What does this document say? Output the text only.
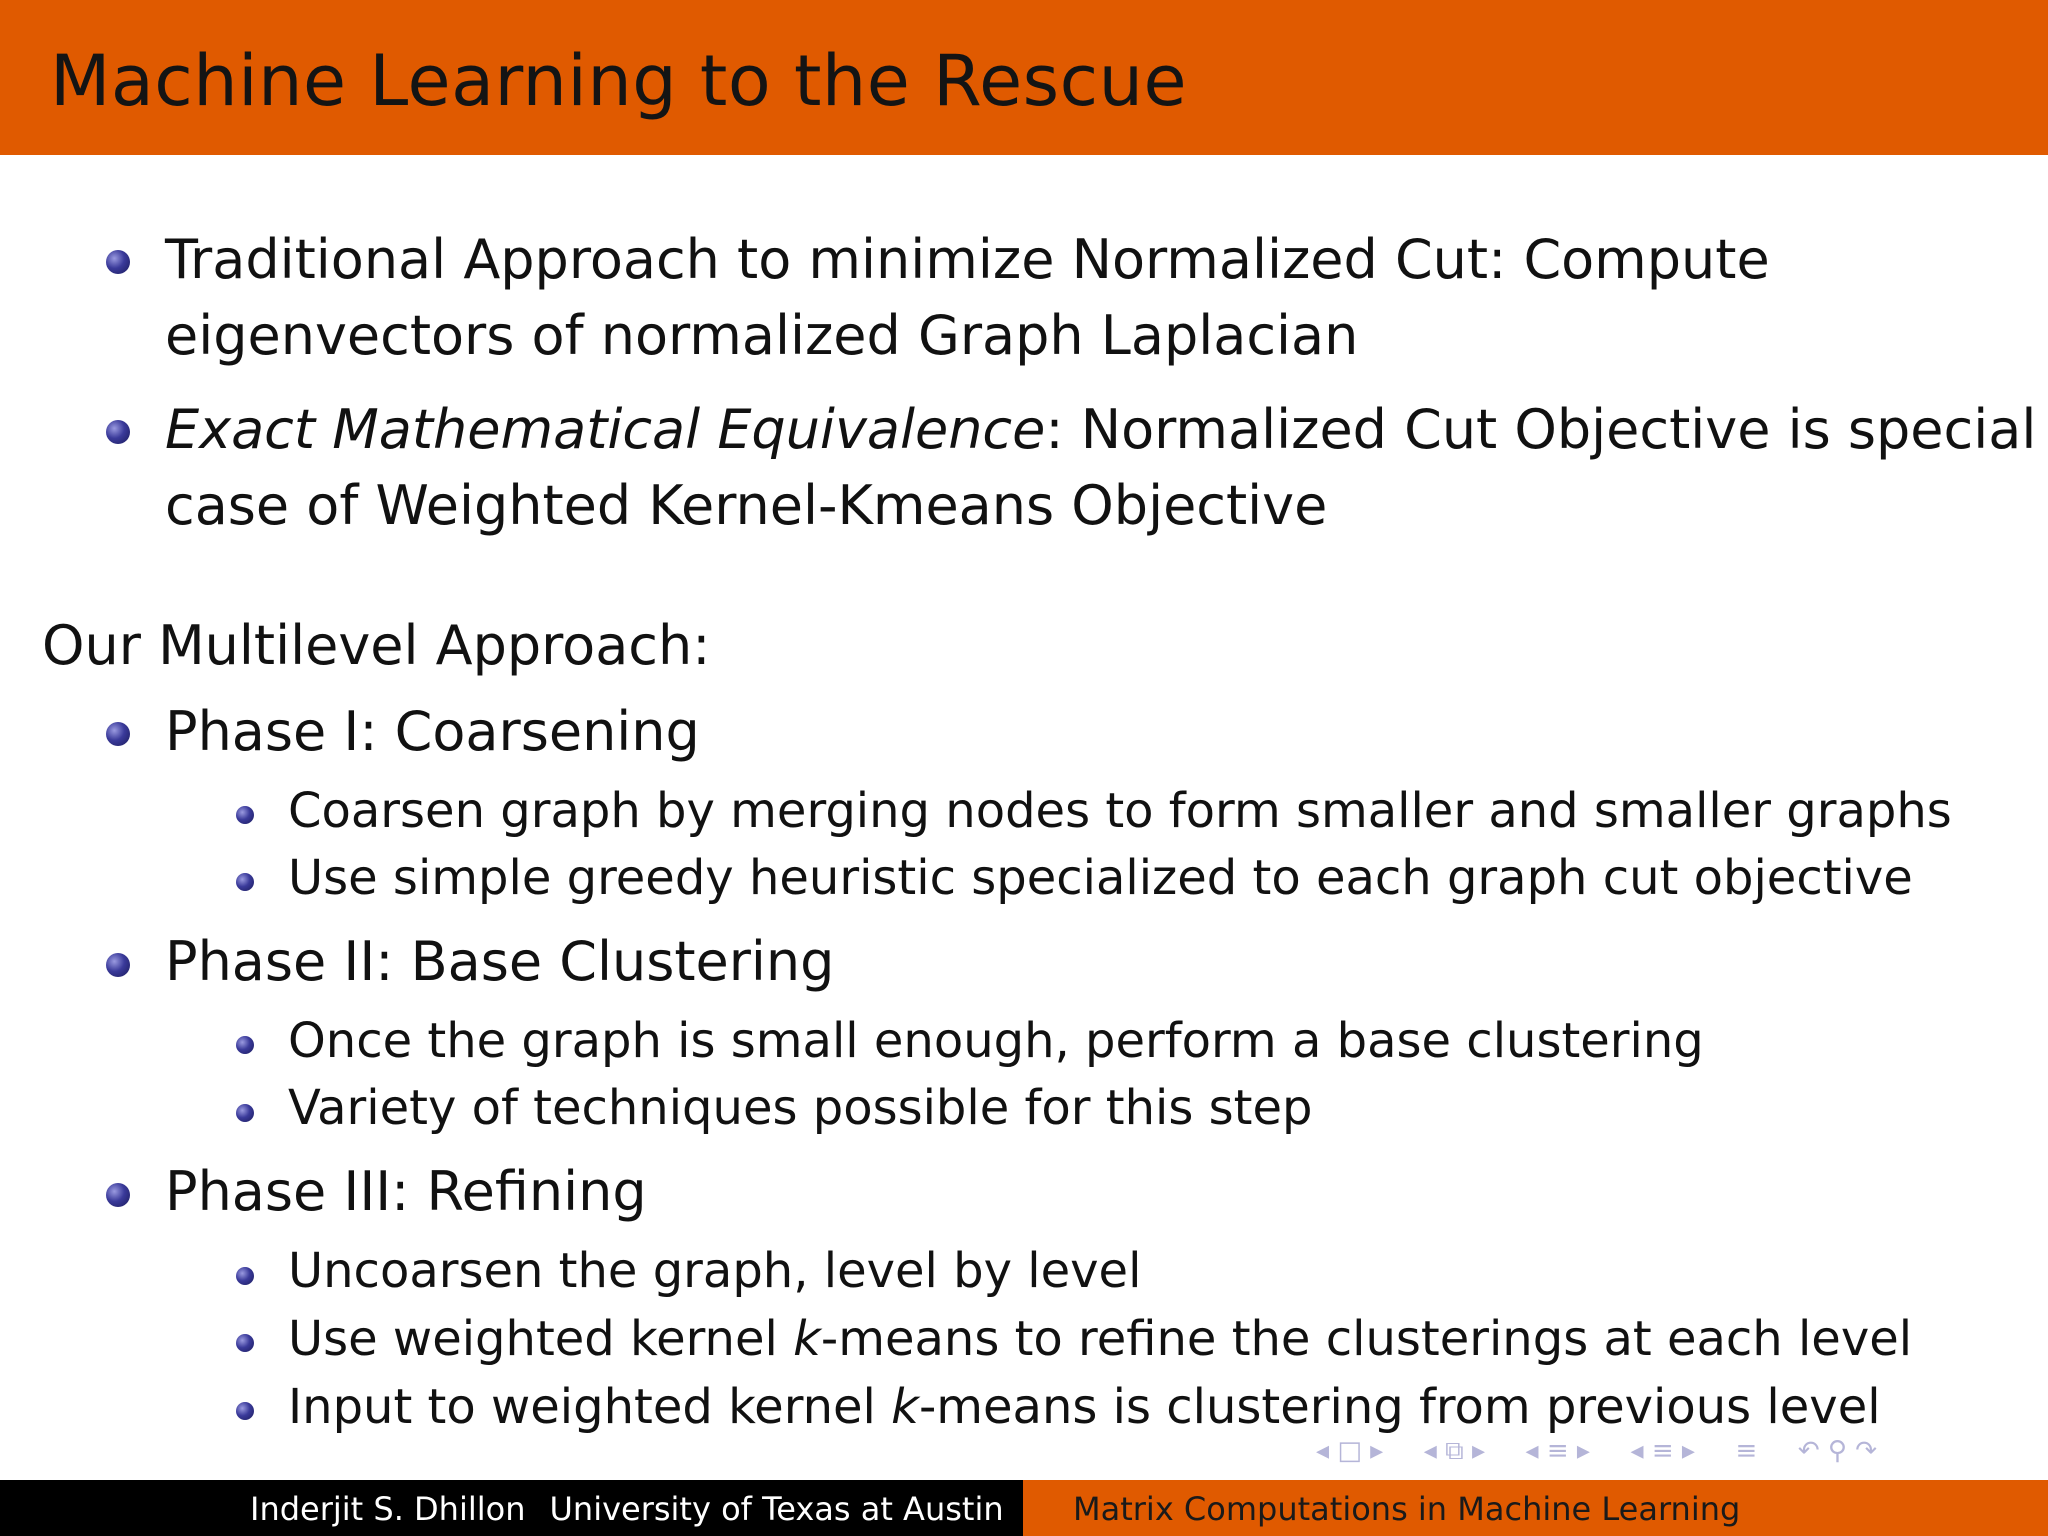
Machine Learning to the Rescue
Traditional Approach to minimize Normalized Cut: Compute
eigenvectors of normalized Graph Laplacian
Exact Mathematical Equivalence: Normalized Cut Objective is special
case of Weighted Kernel-Kmeans Objective
Our Multilevel Approach:
Phase I: Coarsening
Coarsen graph by merging nodes to form smaller and smaller graphs
Use simple greedy heuristic specialized to each graph cut objective
Phase II: Base Clustering
Once the graph is small enough, perform a base clustering
Variety of techniques possible for this step
Phase III: Refining
Uncoarsen the graph, level by level
Use weighted kernel k-means to refine the clusterings at each level
Input to weighted kernel k-means is clustering from previous level
◂ □ ▸ ◂ ⧉ ▸ ◂ ≡ ▸ ◂ ≡ ▸ ≡ ↶ ⚲ ↷
Inderjit S. Dhillon University of Texas at Austin Matrix Computations in Machine Learning
